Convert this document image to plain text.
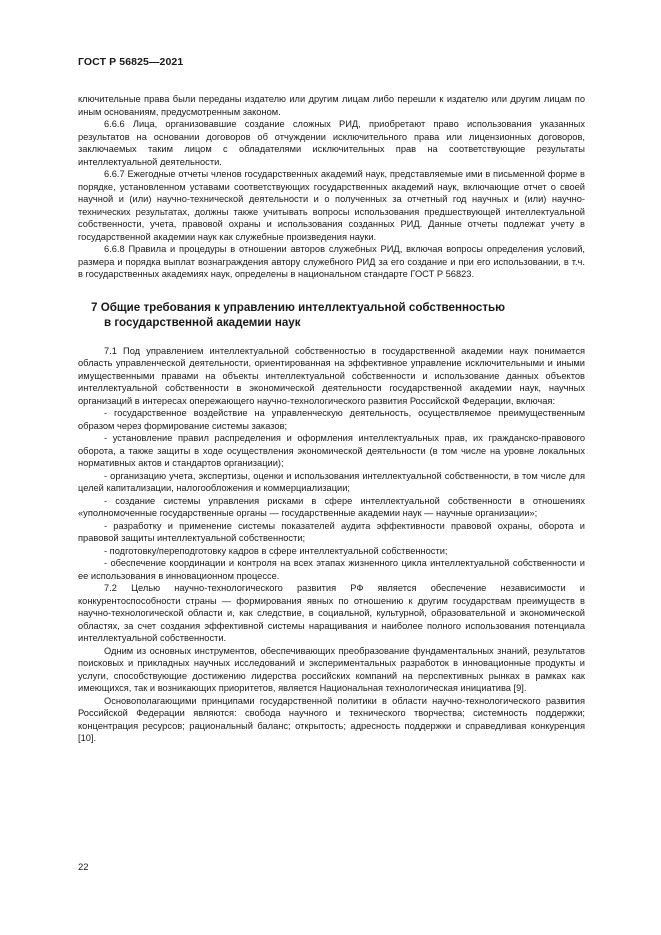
ГОСТ Р 56825—2021

ключительные права были переданы издателю или другим лицам либо перешли к издателю или другим лицам по иным основаниям, предусмотренным законом.

6.6.6 Лица, организовавшие создание сложных РИД, приобретают право использования указанных результатов на основании договоров об отчуждении исключительного права или лицензионных договоров, заключаемых таким лицом с обладателями исключительных прав на соответствующие результаты интеллектуальной деятельности.

6.6.7 Ежегодные отчеты членов государственных академий наук, представляемые ими в письменной форме в порядке, установленном уставами соответствующих государственных академий наук, включающие отчет о своей научной и (или) научно-технической деятельности и о полученных за отчетный год научных и (или) научно-технических результатах, должны также учитывать вопросы использования предшествующей интеллектуальной собственности, учета, правовой охраны и использования созданных РИД. Данные отчеты подлежат учету в государственной академии наук как служебные произведения науки.

6.6.8 Правила и процедуры в отношении авторов служебных РИД, включая вопросы определения условий, размера и порядка выплат вознаграждения автору служебного РИД за его создание и при его использовании, в т.ч. в государственных академиях наук, определены в национальном стандарте ГОСТ Р 56823.

7 Общие требования к управлению интеллектуальной собственностью
в государственной академии наук

7.1 Под управлением интеллектуальной собственностью в государственной академии наук понимается область управленческой деятельности, ориентированная на эффективное управление исключительными и иными имущественными правами на объекты интеллектуальной собственности и использование данных объектов интеллектуальной собственности в экономической деятельности государственной академии наук, научных организаций в интересах опережающего научно-технологического развития Российской Федерации, включая:

- государственное воздействие на управленческую деятельность, осуществляемое преимущественным образом через формирование системы заказов;

- установление правил распределения и оформления интеллектуальных прав, их гражданско-правового оборота, а также защиты в ходе осуществления экономической деятельности (в том числе на уровне локальных нормативных актов и стандартов организации);

- организацию учета, экспертизы, оценки и использования интеллектуальной собственности, в том числе для целей капитализации, налогообложения и коммерциализации;

- создание системы управления рисками в сфере интеллектуальной собственности в отношениях «уполномоченные государственные органы — государственные академии наук — научные организации»;

- разработку и применение системы показателей аудита эффективности правовой охраны, оборота и правовой защиты интеллектуальной собственности;

- подготовку/переподготовку кадров в сфере интеллектуальной собственности;

- обеспечение координации и контроля на всех этапах жизненного цикла интеллектуальной собственности и ее использования в инновационном процессе.

7.2 Целью научно-технологического развития РФ является обеспечение независимости и конкурентоспособности страны — формирования явных по отношению к другим государствам преимуществ в научно-технологической области и, как следствие, в социальной, культурной, образовательной и экономической областях, за счет создания эффективной системы наращивания и наиболее полного использования потенциала интеллектуальной собственности.

Одним из основных инструментов, обеспечивающих преобразование фундаментальных знаний, результатов поисковых и прикладных научных исследований и экспериментальных разработок в инновационные продукты и услуги, способствующие достижению лидерства российских компаний на перспективных рынках в рамках как имеющихся, так и возникающих приоритетов, является Национальная технологическая инициатива [9].

Основополагающими принципами государственной политики в области научно-технологического развития Российской Федерации являются: свобода научного и технического творчества; системность поддержки; концентрация ресурсов; рациональный баланс; открытость; адресность поддержки и справедливая конкуренция [10].

22
